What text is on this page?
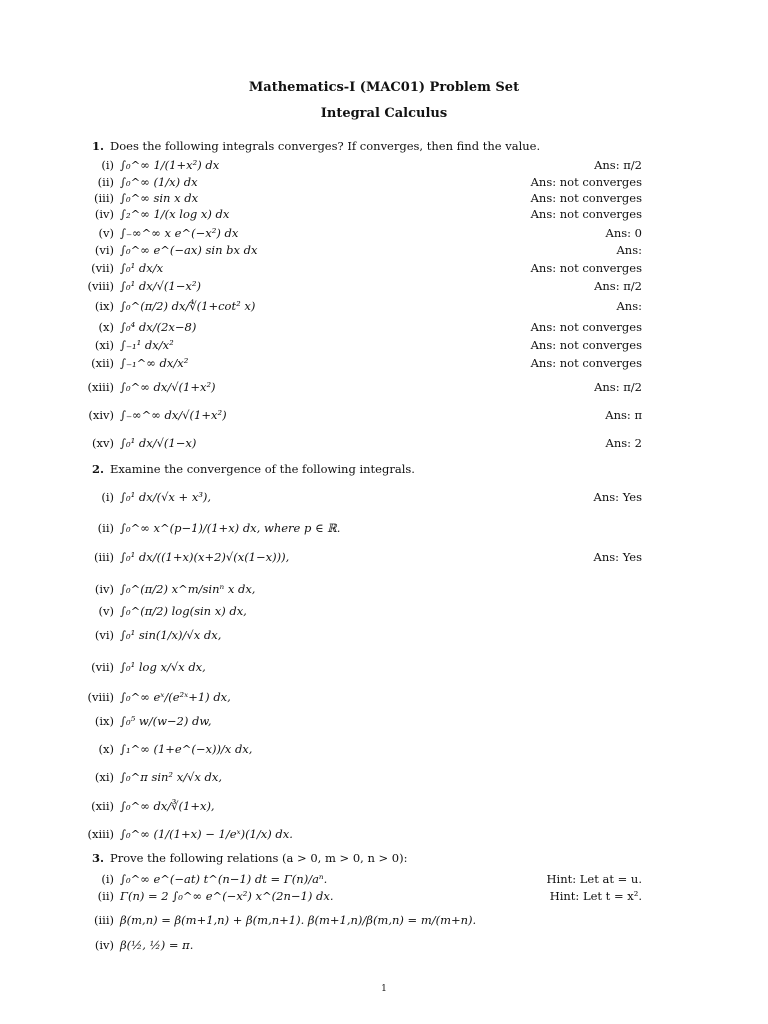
Mathematics-I (MAC01) Problem Set
Integral Calculus
1. Does the following integrals converges? If converges, then find the value.
(i) ∫₀^∞ 1/(1+x²) dx	Ans: π/2
(ii) ∫₀^∞ (1/x) dx	Ans: not converges
(iii) ∫₀^∞ sin x dx	Ans: not converges
(iv) ∫₂^∞ 1/(x log x) dx	Ans: not converges
(v) ∫₋∞^∞ x e^(−x²) dx	Ans: 0
(vi) ∫₀^∞ e^(−ax) sin bx dx	Ans:
(vii) ∫₀¹ dx/x	Ans: not converges
(viii) ∫₀¹ dx/√(1−x²)	Ans: π/2
(ix) ∫₀^(π/2) dx/∜(1+cot² x)	Ans:
(x) ∫₀⁴ dx/(2x−8)	Ans: not converges
(xi) ∫₋₁¹ dx/x²	Ans: not converges
(xii) ∫₋₁^∞ dx/x²	Ans: not converges
(xiii) ∫₀^∞ dx/√(1+x²)	Ans: π/2
(xiv) ∫₋∞^∞ dx/√(1+x²)	Ans: π
(xv) ∫₀¹ dx/√(1−x)	Ans: 2
2. Examine the convergence of the following integrals.
(i) ∫₀¹ dx/(√x + x³),	Ans: Yes
(ii) ∫₀^∞ x^(p−1)/(1+x) dx, where p ∈ ℝ.
(iii) ∫₀¹ dx/((1+x)(x+2)√(x(1−x))),	Ans: Yes
(iv) ∫₀^(π/2) x^m/sinⁿ x dx,
(v) ∫₀^(π/2) log(sin x) dx,
(vi) ∫₀¹ sin(1/x)/√x dx,
(vii) ∫₀¹ log x/√x dx,
(viii) ∫₀^∞ eˣ/(e²ˣ+1) dx,
(ix) ∫₀⁵ w/(w−2) dw,
(x) ∫₁^∞ (1+e^(−x))/x dx,
(xi) ∫₀^π sin² x/√x dx,
(xii) ∫₀^∞ dx/∛(1+x),
(xiii) ∫₀^∞ (1/(1+x) − 1/eˣ)(1/x) dx.
3. Prove the following relations (a > 0, m > 0, n > 0):
(i) ∫₀^∞ e^(−at) t^(n−1) dt = Γ(n)/aⁿ.	Hint: Let at = u.
(ii) Γ(n) = 2 ∫₀^∞ e^(−x²) x^(2n−1) dx.	Hint: Let t = x².
(iii) β(m,n) = β(m+1,n) + β(m,n+1). β(m+1,n)/β(m,n) = m/(m+n).
(iv) β(½, ½) = π.
1
